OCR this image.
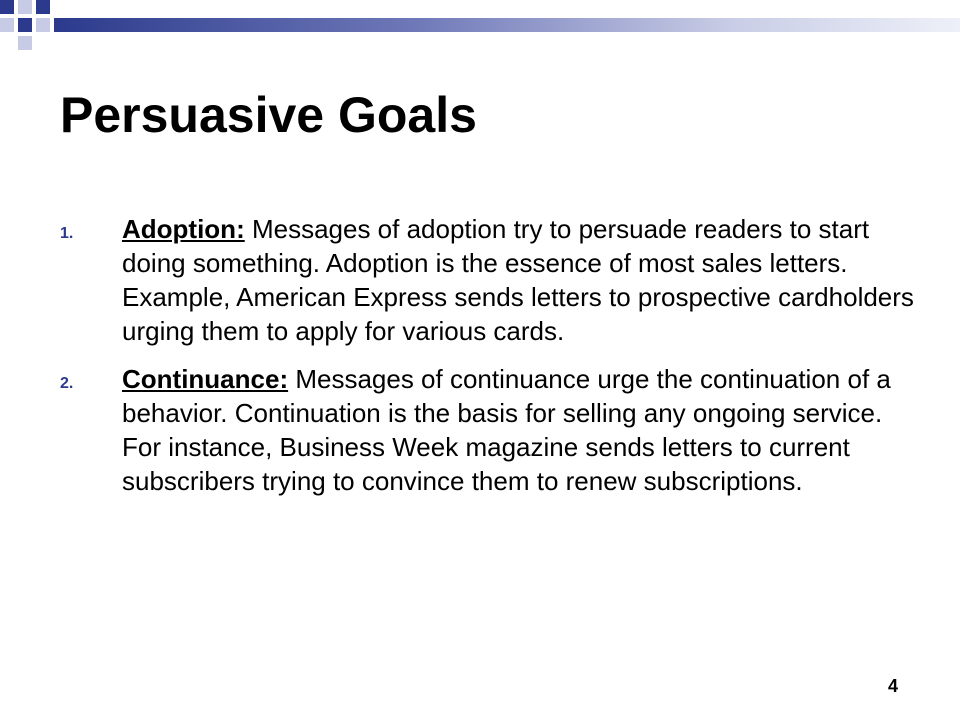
Persuasive Goals
1. Adoption: Messages of adoption try to persuade readers to start doing something. Adoption is the essence of most sales letters. Example, American Express sends letters to prospective cardholders urging them to apply for various cards.
2. Continuance: Messages of continuance urge the continuation of a behavior. Continuation is the basis for selling any ongoing service. For instance, Business Week magazine sends letters to current subscribers trying to convince them to renew subscriptions.
4
